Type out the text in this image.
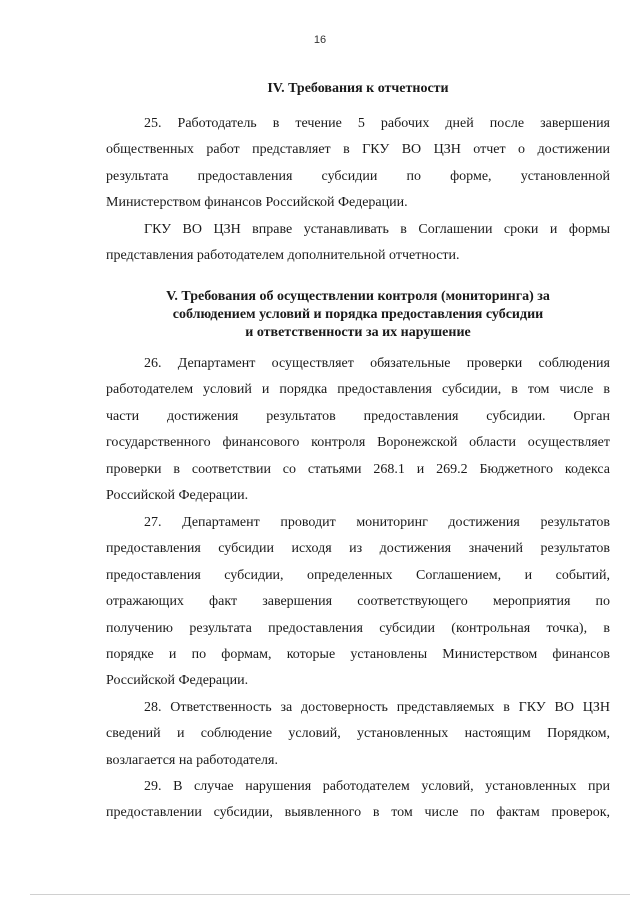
16
IV. Требования к отчетности
25. Работодатель в течение 5 рабочих дней после завершения
общественных работ представляет в ГКУ ВО ЦЗН отчет о достижении
результата предоставления субсидии по форме, установленной
Министерством финансов Российской Федерации.
ГКУ ВО ЦЗН вправе устанавливать в Соглашении сроки и формы
представления работодателем дополнительной отчетности.
V. Требования об осуществлении контроля (мониторинга) за
соблюдением условий и порядка предоставления субсидии
и ответственности за их нарушение
26. Департамент осуществляет обязательные проверки соблюдения
работодателем условий и порядка предоставления субсидии, в том числе в
части достижения результатов предоставления субсидии. Орган
государственного финансового контроля Воронежской области осуществляет
проверки в соответствии со статьями 268.1 и 269.2 Бюджетного кодекса
Российской Федерации.
27. Департамент проводит мониторинг достижения результатов
предоставления субсидии исходя из достижения значений результатов
предоставления субсидии, определенных Соглашением, и событий,
отражающих факт завершения соответствующего мероприятия по
получению результата предоставления субсидии (контрольная точка), в
порядке и по формам, которые установлены Министерством финансов
Российской Федерации.
28. Ответственность за достоверность представляемых в ГКУ ВО ЦЗН
сведений и соблюдение условий, установленных настоящим Порядком,
возлагается на работодателя.
29. В случае нарушения работодателем условий, установленных при
предоставлении субсидии, выявленного в том числе по фактам проверок,
